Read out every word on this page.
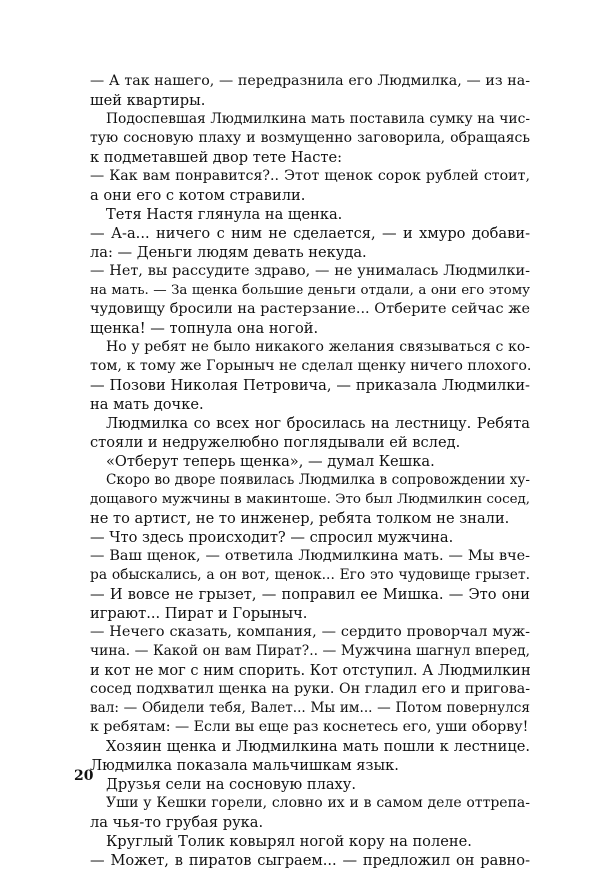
— А так нашего, — передразнила его Людмилка, — из на-
шей квартиры.
Подоспевшая Людмилкина мать поставила сумку на чис-
тую сосновую плаху и возмущенно заговорила, обращаясь
к подметавшей двор тете Насте:
— Как вам понравится?.. Этот щенок сорок рублей стоит,
а они его с котом стравили.
Тетя Настя глянула на щенка.
— А-а... ничего с ним не сделается, — и хмуро добави-
ла: — Деньги людям девать некуда.
— Нет, вы рассудите здраво, — не унималась Людмилки-
на мать. — За щенка большие деньги отдали, а они его этому
чудовищу бросили на растерзание... Отберите сейчас же
щенка! — топнула она ногой.
Но у ребят не было никакого желания связываться с ко-
том, к тому же Горыныч не сделал щенку ничего плохого.
— Позови Николая Петровича, — приказала Людмилки-
на мать дочке.
Людмилка со всех ног бросилась на лестницу. Ребята
стояли и недружелюбно поглядывали ей вслед.
«Отберут теперь щенка», — думал Кешка.
Скоро во дворе появилась Людмилка в сопровождении ху-
дощавого мужчины в макинтоше. Это был Людмилкин сосед,
не то артист, не то инженер, ребята толком не знали.
— Что здесь происходит? — спросил мужчина.
— Ваш щенок, — ответила Людмилкина мать. — Мы вче-
ра обыскались, а он вот, щенок... Его это чудовище грызет.
— И вовсе не грызет, — поправил ее Мишка. — Это они
играют... Пират и Горыныч.
— Нечего сказать, компания, — сердито проворчал муж-
чина. — Какой он вам Пират?.. — Мужчина шагнул вперед,
и кот не мог с ним спорить. Кот отступил. А Людмилкин
сосед подхватил щенка на руки. Он гладил его и пригова-
вал: — Обидели тебя, Валет... Мы им... — Потом повернулся
к ребятам: — Если вы еще раз коснетесь его, уши оборву!
Хозяин щенка и Людмилкина мать пошли к лестнице.
Людмилка показала мальчишкам язык.
Друзья сели на сосновую плаху.
Уши у Кешки горели, словно их и в самом деле оттрепа-
ла чья-то грубая рука.
Круглый Толик ковырял ногой кору на полене.
— Может, в пиратов сыграем... — предложил он равно-
20
